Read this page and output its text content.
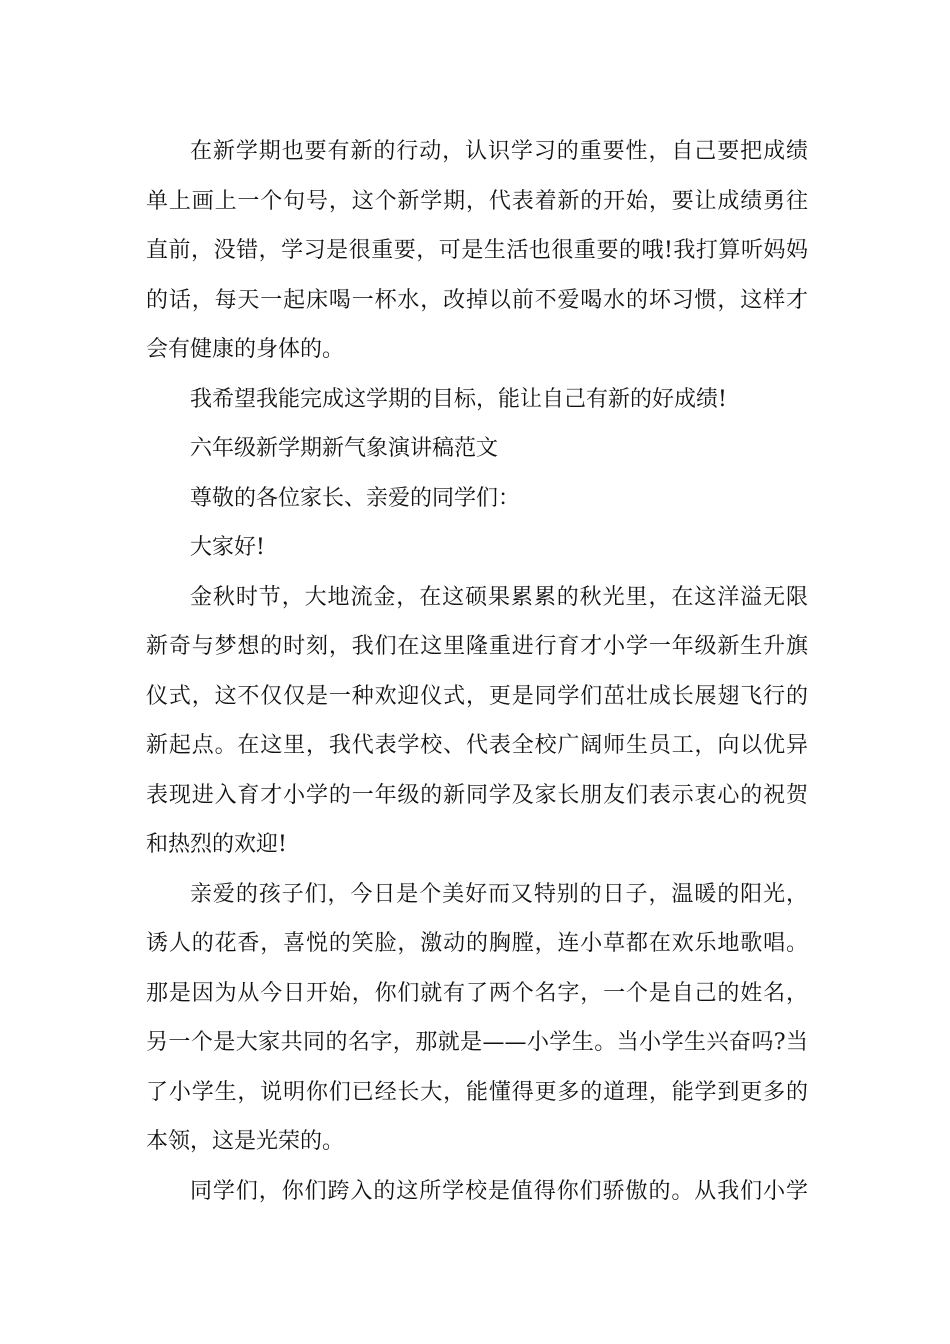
在新学期也要有新的行动，认识学习的重要性，自己要把成绩
单上画上一个句号，这个新学期，代表着新的开始，要让成绩勇往
直前，没错，学习是很重要，可是生活也很重要的哦!我打算听妈妈
的话，每天一起床喝一杯水，改掉以前不爱喝水的坏习惯，这样才
会有健康的身体的。

我希望我能完成这学期的目标，能让自己有新的好成绩!

六年级新学期新气象演讲稿范文

尊敬的各位家长、亲爱的同学们：

大家好!

金秋时节，大地流金，在这硕果累累的秋光里，在这洋溢无限
新奇与梦想的时刻，我们在这里隆重进行育才小学一年级新生升旗
仪式，这不仅仅是一种欢迎仪式，更是同学们茁壮成长展翅飞行的
新起点。在这里，我代表学校、代表全校广阔师生员工，向以优异
表现进入育才小学的一年级的新同学及家长朋友们表示衷心的祝贺
和热烈的欢迎!

亲爱的孩子们，今日是个美好而又特别的日子，温暖的阳光，
诱人的花香，喜悦的笑脸，激动的胸膛，连小草都在欢乐地歌唱。
那是因为从今日开始，你们就有了两个名字，一个是自己的姓名，
另一个是大家共同的名字，那就是——小学生。当小学生兴奋吗?当
了小学生，说明你们已经长大，能懂得更多的道理，能学到更多的
本领，这是光荣的。

同学们，你们跨入的这所学校是值得你们骄傲的。从我们小学
